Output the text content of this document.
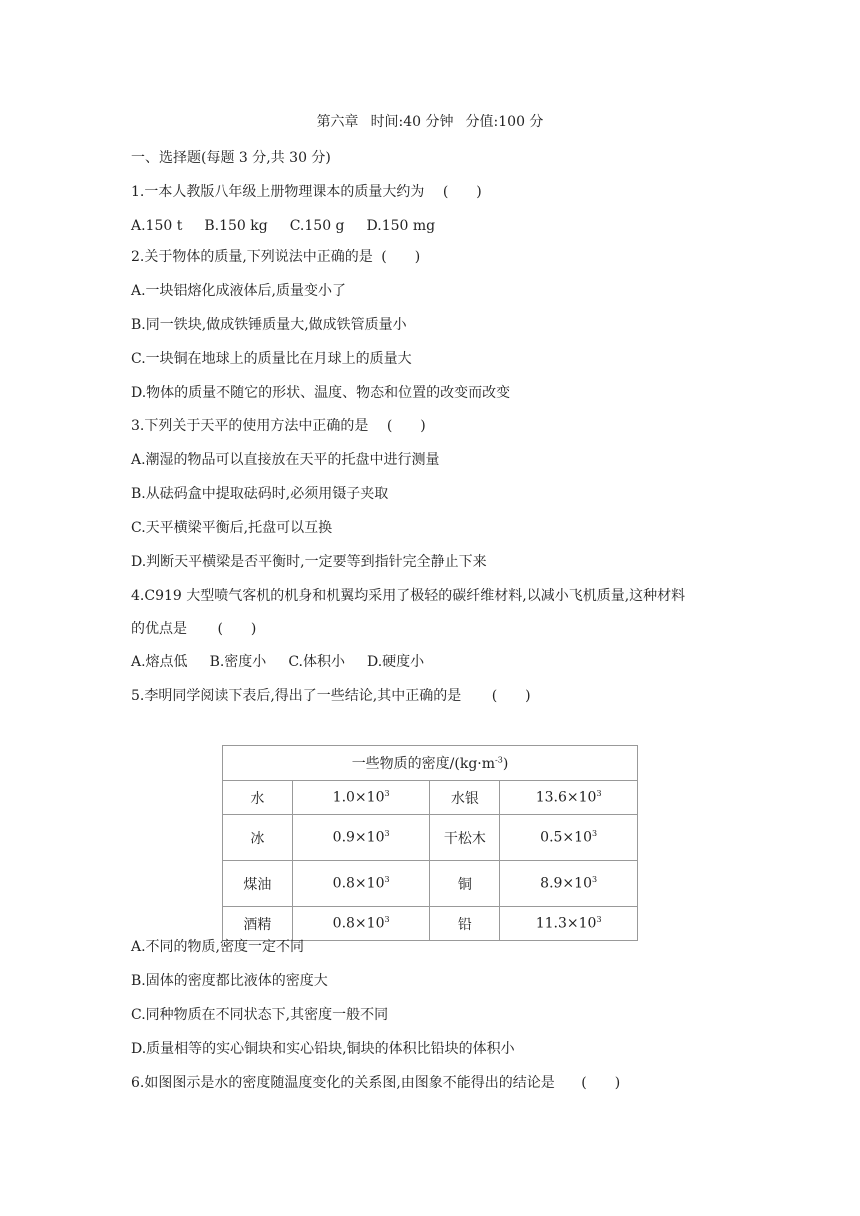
第六章 时间:40 分钟 分值:100 分
一、选择题(每题 3 分,共 30 分)
1.一本人教版八年级上册物理课本的质量大约为 (　　)
A.150 t B.150 kg C.150 g D.150 mg
2.关于物体的质量,下列说法中正确的是 (　　)
A.一块铝熔化成液体后,质量变小了
B.同一铁块,做成铁锤质量大,做成铁管质量小
C.一块铜在地球上的质量比在月球上的质量大
D.物体的质量不随它的形状、温度、物态和位置的改变而改变
3.下列关于天平的使用方法中正确的是 (　　)
A.潮湿的物品可以直接放在天平的托盘中进行测量
B.从砝码盒中提取砝码时,必须用镊子夹取
C.天平横梁平衡后,托盘可以互换
D.判断天平横梁是否平衡时,一定要等到指针完全静止下来
4.C919 大型喷气客机的机身和机翼均采用了极轻的碳纤维材料,以减小飞机质量,这种材料
的优点是 (　　)
A.熔点低 B.密度小 C.体积小 D.硬度小
5.李明同学阅读下表后,得出了一些结论,其中正确的是 (　　)
一些物质的密度$/(kg\cdot m^{-3})$			
水	$1.0\times 10^3$	水银	$13.6\times 10^3$
冰	$0.9\times 10^3$	干松木	$0.5\times 10^3$
煤油	$0.8\times 10^3$	铜	$8.9\times 10^3$
酒精	$0.8\times 10^3$	铅	$11.3\times 10^3$
A.不同的物质,密度一定不同
B.固体的密度都比液体的密度大
C.同种物质在不同状态下,其密度一般不同
D.质量相等的实心铜块和实心铅块,铜块的体积比铅块的体积小
6.如图图示是水的密度随温度变化的关系图,由图象不能得出的结论是 (　　)
